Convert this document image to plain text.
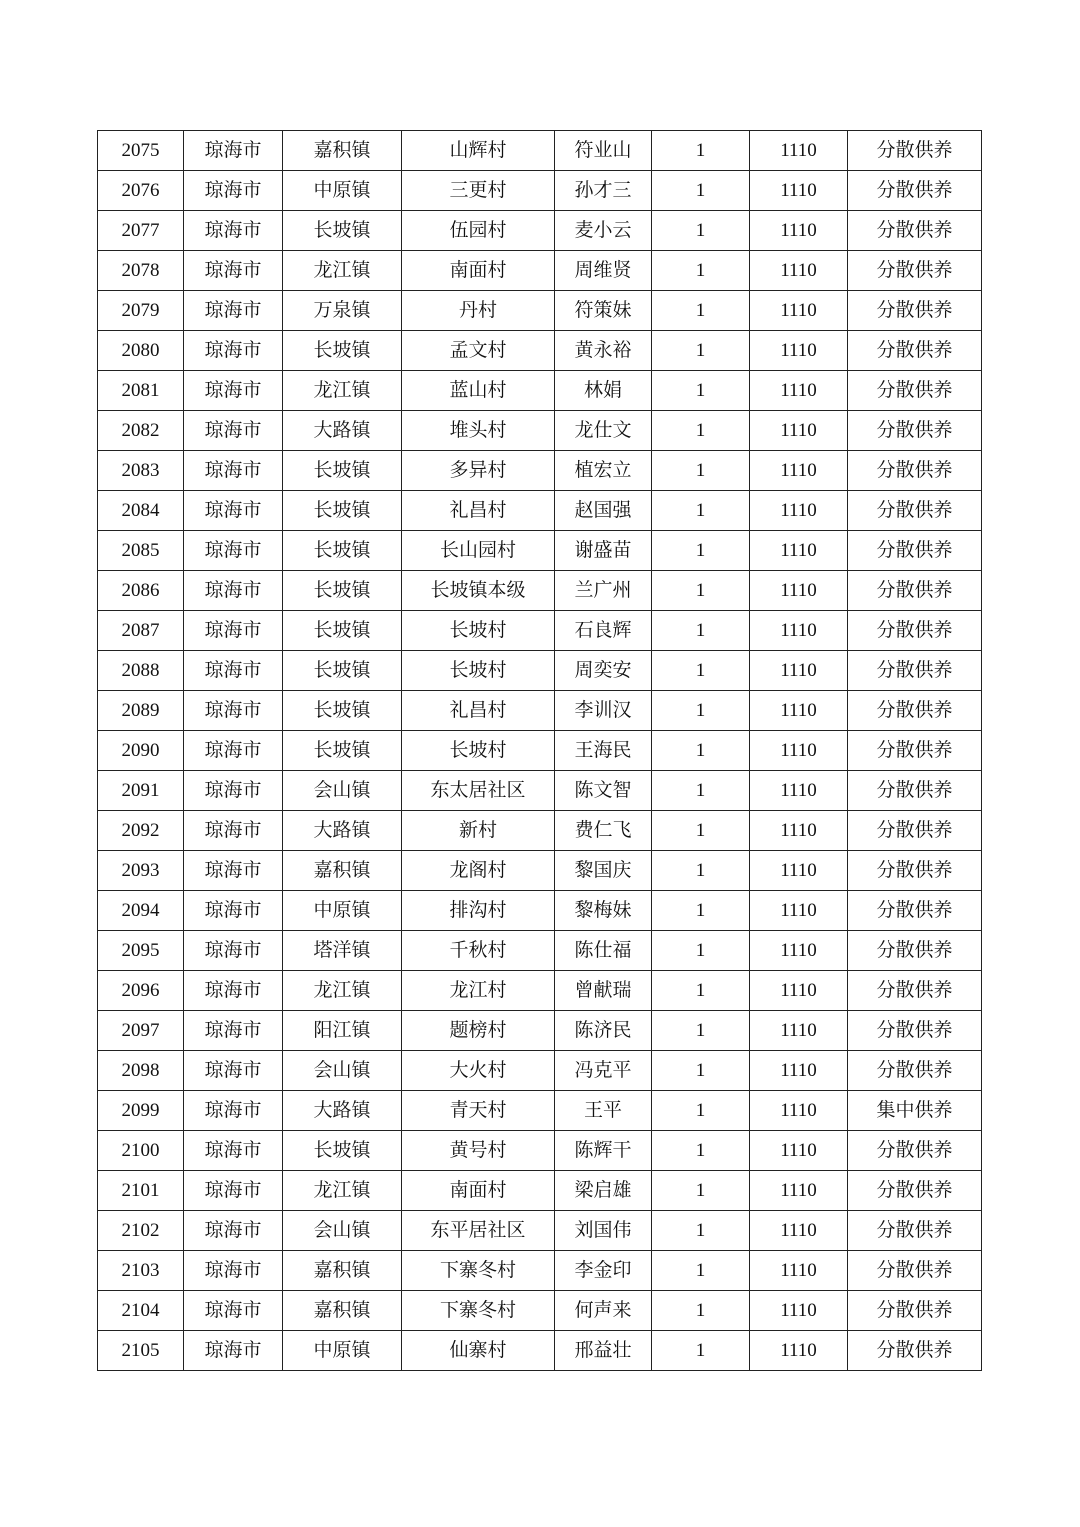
2075	琼海市	嘉积镇	山辉村	符业山	1	1110	分散供养
2076	琼海市	中原镇	三更村	孙才三	1	1110	分散供养
2077	琼海市	长坡镇	伍园村	麦小云	1	1110	分散供养
2078	琼海市	龙江镇	南面村	周维贤	1	1110	分散供养
2079	琼海市	万泉镇	丹村	符策妹	1	1110	分散供养
2080	琼海市	长坡镇	孟文村	黄永裕	1	1110	分散供养
2081	琼海市	龙江镇	蓝山村	林娟	1	1110	分散供养
2082	琼海市	大路镇	堆头村	龙仕文	1	1110	分散供养
2083	琼海市	长坡镇	多异村	植宏立	1	1110	分散供养
2084	琼海市	长坡镇	礼昌村	赵国强	1	1110	分散供养
2085	琼海市	长坡镇	长山园村	谢盛苗	1	1110	分散供养
2086	琼海市	长坡镇	长坡镇本级	兰广州	1	1110	分散供养
2087	琼海市	长坡镇	长坡村	石良辉	1	1110	分散供养
2088	琼海市	长坡镇	长坡村	周奕安	1	1110	分散供养
2089	琼海市	长坡镇	礼昌村	李训汉	1	1110	分散供养
2090	琼海市	长坡镇	长坡村	王海民	1	1110	分散供养
2091	琼海市	会山镇	东太居社区	陈文智	1	1110	分散供养
2092	琼海市	大路镇	新村	费仁飞	1	1110	分散供养
2093	琼海市	嘉积镇	龙阁村	黎国庆	1	1110	分散供养
2094	琼海市	中原镇	排沟村	黎梅妹	1	1110	分散供养
2095	琼海市	塔洋镇	千秋村	陈仕福	1	1110	分散供养
2096	琼海市	龙江镇	龙江村	曾献瑞	1	1110	分散供养
2097	琼海市	阳江镇	题榜村	陈济民	1	1110	分散供养
2098	琼海市	会山镇	大火村	冯克平	1	1110	分散供养
2099	琼海市	大路镇	青天村	王平	1	1110	集中供养
2100	琼海市	长坡镇	黄号村	陈辉干	1	1110	分散供养
2101	琼海市	龙江镇	南面村	梁启雄	1	1110	分散供养
2102	琼海市	会山镇	东平居社区	刘国伟	1	1110	分散供养
2103	琼海市	嘉积镇	下寨冬村	李金印	1	1110	分散供养
2104	琼海市	嘉积镇	下寨冬村	何声来	1	1110	分散供养
2105	琼海市	中原镇	仙寨村	邢益壮	1	1110	分散供养
